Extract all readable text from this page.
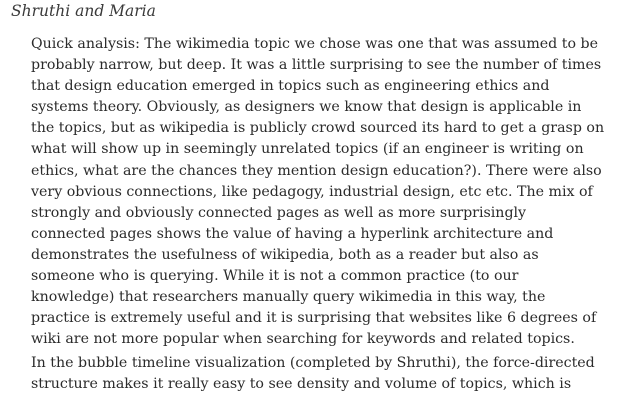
Shruthi and Maria

Quick analysis: The wikimedia topic we chose was one that was assumed to be
probably narrow, but deep. It was a little surprising to see the number of times
that design education emerged in topics such as engineering ethics and
systems theory. Obviously, as designers we know that design is applicable in
the topics, but as wikipedia is publicly crowd sourced its hard to get a grasp on
what will show up in seemingly unrelated topics (if an engineer is writing on
ethics, what are the chances they mention design education?). There were also
very obvious connections, like pedagogy, industrial design, etc etc. The mix of
strongly and obviously connected pages as well as more surprisingly
connected pages shows the value of having a hyperlink architecture and
demonstrates the usefulness of wikipedia, both as a reader but also as
someone who is querying. While it is not a common practice (to our
knowledge) that researchers manually query wikimedia in this way, the
practice is extremely useful and it is surprising that websites like 6 degrees of
wiki are not more popular when searching for keywords and related topics.

In the bubble timeline visualization (completed by Shruthi), the force-directed
structure makes it really easy to see density and volume of topics, which is
